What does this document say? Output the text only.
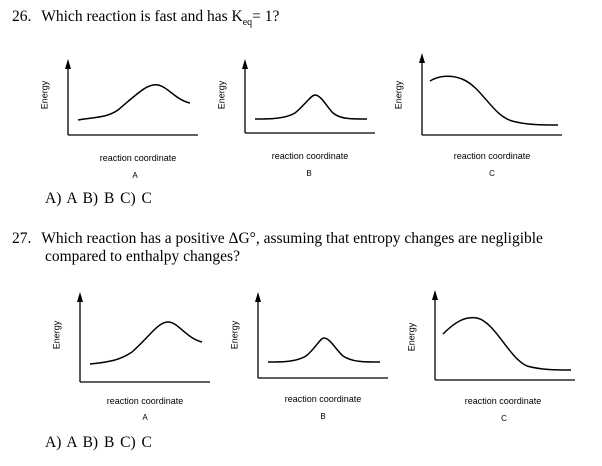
26. Which reaction is fast and has $K_{eq}= 1$?
Energy
reaction coordinate
A
Energy
reaction coordinate
B
Energy
reaction coordinate
C
A) A B) B C) C
27. Which reaction has a positive ΔG°, assuming that entropy changes are negligible
compared to enthalpy changes?
Energy
reaction coordinate
A
Energy
reaction coordinate
B
Energy
reaction coordinate
C
A) A B) B C) C
